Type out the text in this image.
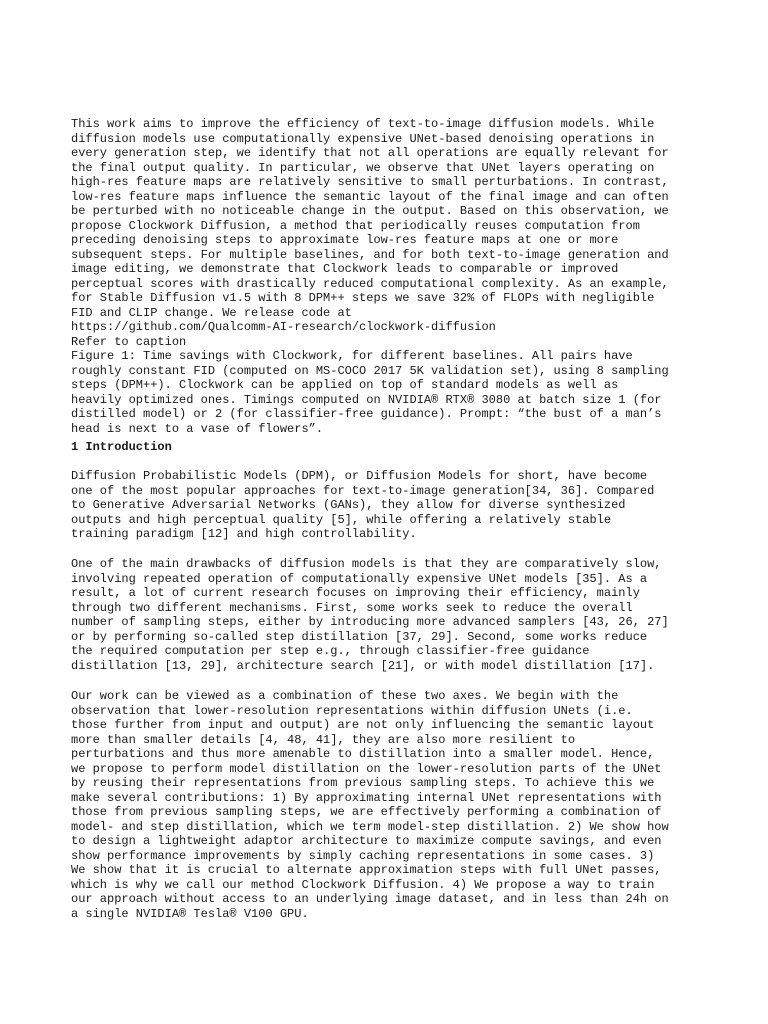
This work aims to improve the efficiency of text-to-image diffusion models. While
diffusion models use computationally expensive UNet-based denoising operations in
every generation step, we identify that not all operations are equally relevant for
the final output quality. In particular, we observe that UNet layers operating on
high-res feature maps are relatively sensitive to small perturbations. In contrast,
low-res feature maps influence the semantic layout of the final image and can often
be perturbed with no noticeable change in the output. Based on this observation, we
propose Clockwork Diffusion, a method that periodically reuses computation from
preceding denoising steps to approximate low-res feature maps at one or more
subsequent steps. For multiple baselines, and for both text-to-image generation and
image editing, we demonstrate that Clockwork leads to comparable or improved
perceptual scores with drastically reduced computational complexity. As an example,
for Stable Diffusion v1.5 with 8 DPM++ steps we save 32% of FLOPs with negligible
FID and CLIP change. We release code at
https://github.com/Qualcomm-AI-research/clockwork-diffusion

Refer to caption

Figure 1: Time savings with Clockwork, for different baselines. All pairs have
roughly constant FID (computed on MS-COCO 2017 5K validation set), using 8 sampling
steps (DPM++). Clockwork can be applied on top of standard models as well as
heavily optimized ones. Timings computed on NVIDIA® RTX® 3080 at batch size 1 (for
distilled model) or 2 (for classifier-free guidance). Prompt: “the bust of a man’s
head is next to a vase of flowers”.

1 Introduction

Diffusion Probabilistic Models (DPM), or Diffusion Models for short, have become
one of the most popular approaches for text-to-image generation[34, 36]. Compared
to Generative Adversarial Networks (GANs), they allow for diverse synthesized
outputs and high perceptual quality [5], while offering a relatively stable
training paradigm [12] and high controllability.

One of the main drawbacks of diffusion models is that they are comparatively slow,
involving repeated operation of computationally expensive UNet models [35]. As a
result, a lot of current research focuses on improving their efficiency, mainly
through two different mechanisms. First, some works seek to reduce the overall
number of sampling steps, either by introducing more advanced samplers [43, 26, 27]
or by performing so-called step distillation [37, 29]. Second, some works reduce
the required computation per step e.g., through classifier-free guidance
distillation [13, 29], architecture search [21], or with model distillation [17].

Our work can be viewed as a combination of these two axes. We begin with the
observation that lower-resolution representations within diffusion UNets (i.e.
those further from input and output) are not only influencing the semantic layout
more than smaller details [4, 48, 41], they are also more resilient to
perturbations and thus more amenable to distillation into a smaller model. Hence,
we propose to perform model distillation on the lower-resolution parts of the UNet
by reusing their representations from previous sampling steps. To achieve this we
make several contributions: 1) By approximating internal UNet representations with
those from previous sampling steps, we are effectively performing a combination of
model- and step distillation, which we term model-step distillation. 2) We show how
to design a lightweight adaptor architecture to maximize compute savings, and even
show performance improvements by simply caching representations in some cases. 3)
We show that it is crucial to alternate approximation steps with full UNet passes,
which is why we call our method Clockwork Diffusion. 4) We propose a way to train
our approach without access to an underlying image dataset, and in less than 24h on
a single NVIDIA® Tesla® V100 GPU.
